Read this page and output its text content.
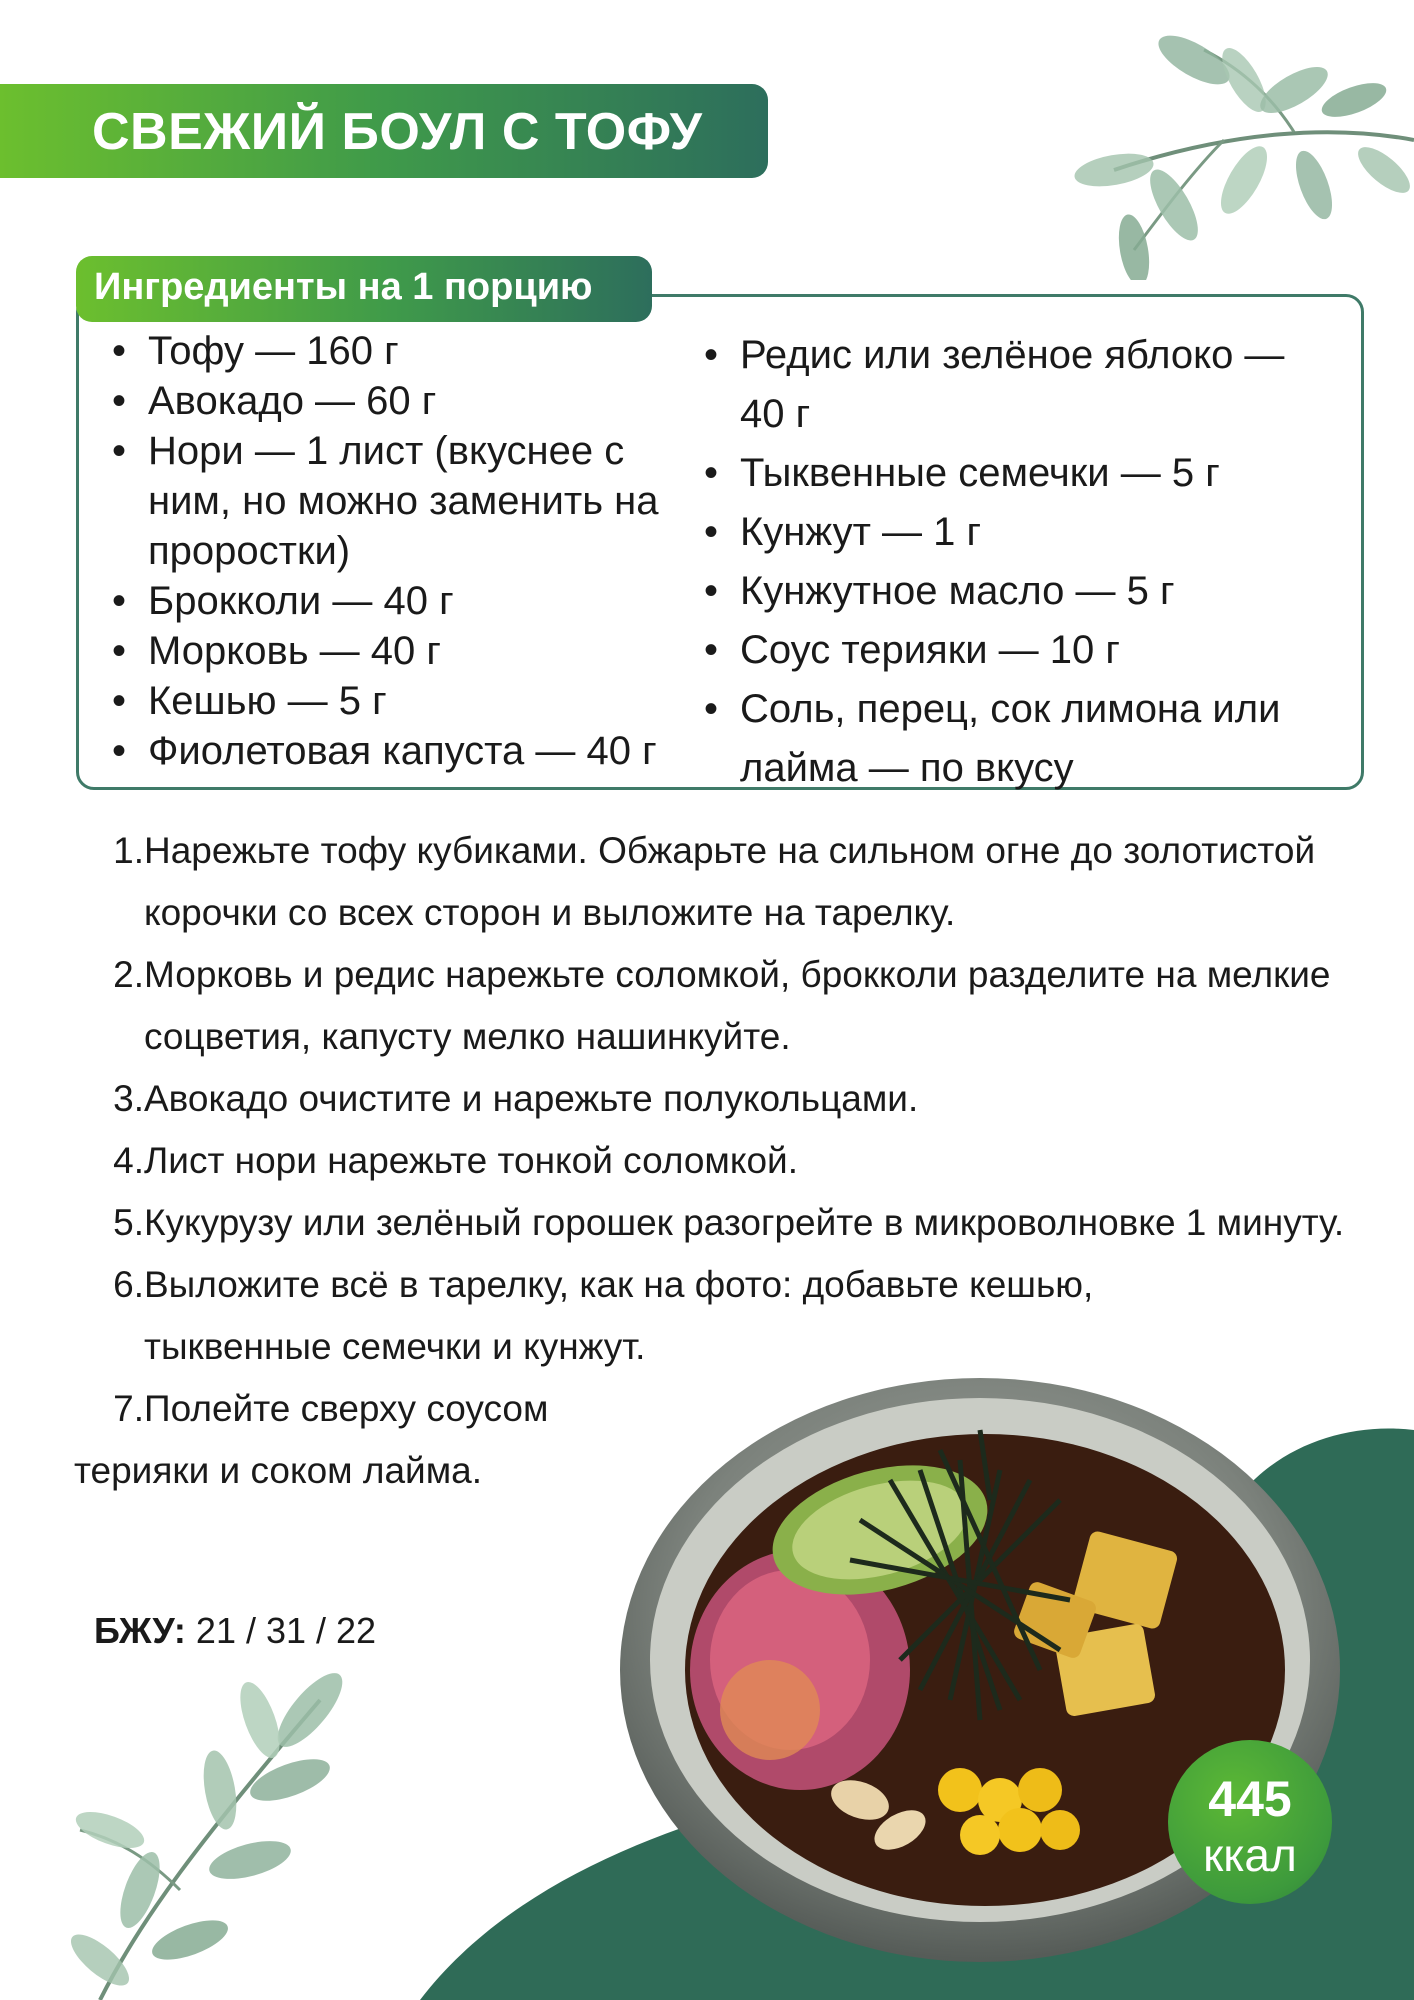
СВЕЖИЙ БОУЛ С ТОФУ
Ингредиенты на 1 порцию
• Тофу — 160 г
• Авокадо — 60 г
• Нори — 1 лист (вкуснее с ним, но можно заменить на проростки)
• Брокколи — 40 г
• Морковь — 40 г
• Кешью — 5 г
• Фиолетовая капуста — 40 г
• Редис или зелёное яблоко — 40 г
• Тыквенные семечки — 5 г
• Кунжут — 1 г
• Кунжутное масло — 5 г
• Соус терияки — 10 г
• Соль, перец, сок лимона или лайма — по вкусу
1. Нарежьте тофу кубиками. Обжарьте на сильном огне до золотистой корочки со всех сторон и выложите на тарелку.
2. Морковь и редис нарежьте соломкой, брокколи разделите на мелкие соцветия, капусту мелко нашинкуйте.
3. Авокадо очистите и нарежьте полукольцами.
4. Лист нори нарежьте тонкой соломкой.
5. Кукурузу или зелёный горошек разогрейте в микроволновке 1 минуту.
6. Выложите всё в тарелку, как на фото: добавьте кешью, тыквенные семечки и кунжут.
7. Полейте сверху соусом
терияки и соком лайма.
БЖУ: 21 / 31 / 22
445
ккал
